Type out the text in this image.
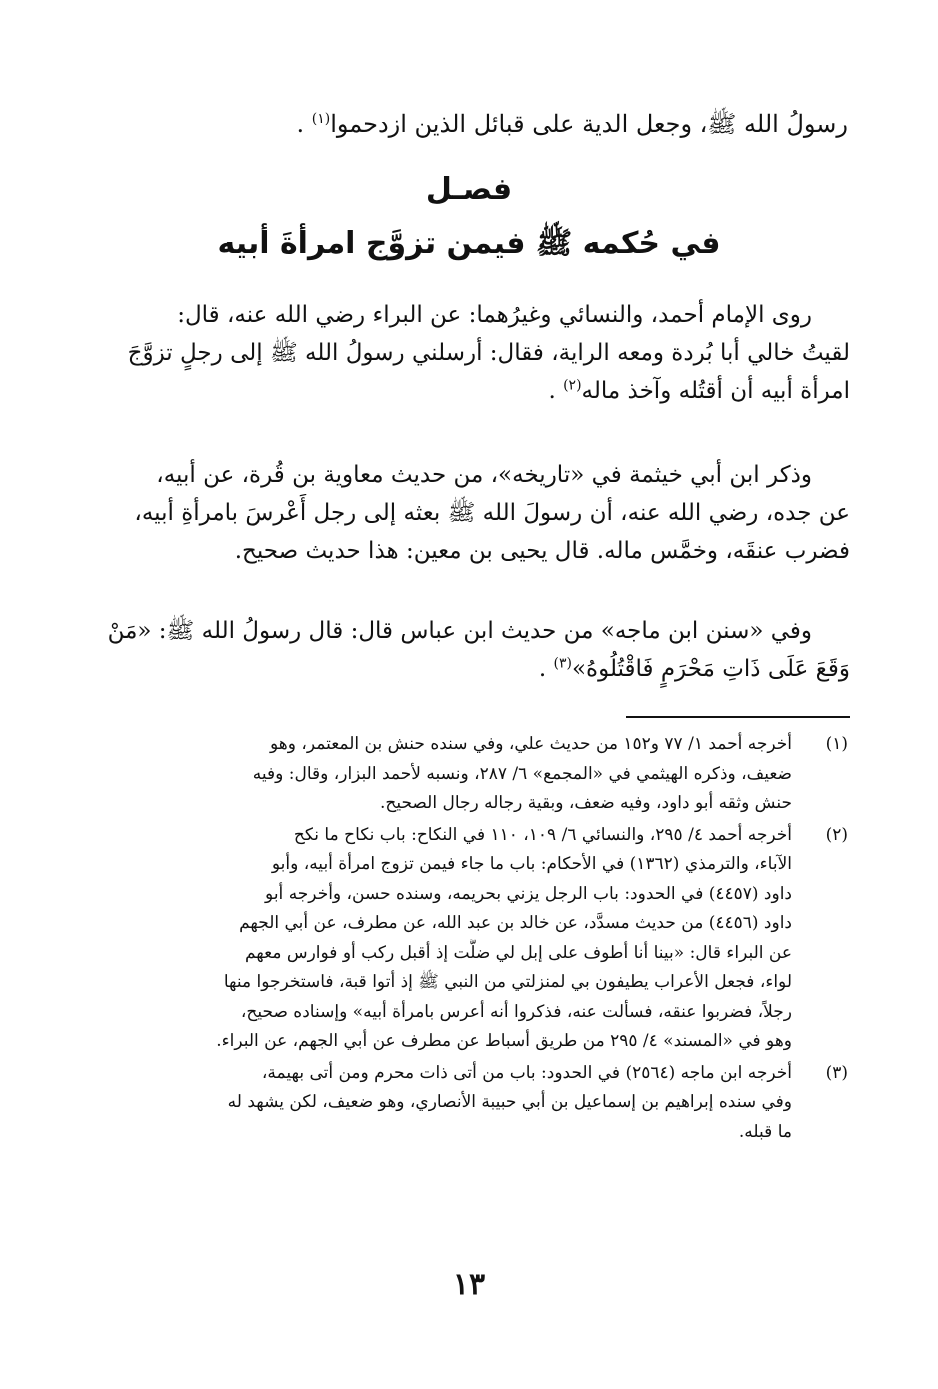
رسولُ الله ﷺ، وجعل الدية على قبائل الذين ازدحموا$^{(١)}$ .
فصـل
في حُكمه ﷺ فيمن تزوَّج امرأةَ أبيه
روى الإمام أحمد، والنسائي وغيرُهما: عن البراء رضي الله عنه، قال:
لقيتُ خالي أبا بُردة ومعه الراية، فقال: أرسلني رسولُ الله ﷺ إلى رجلٍ تزوَّجَ
امرأة أبيه أن أقتُله وآخذ ماله$^{(٢)}$ .
وذكر ابن أبي خيثمة في «تاريخه»، من حديث معاوية بن قُرة، عن أبيه،
عن جده، رضي الله عنه، أن رسولَ الله ﷺ بعثه إلى رجل أَعْرسَ بامرأةِ أبيه،
فضرب عنقَه، وخمَّس ماله. قال يحيى بن معين: هذا حديث صحيح.
وفي «سنن ابن ماجه» من حديث ابن عباس قال: قال رسولُ الله ﷺ: «مَنْ
وَقَعَ عَلَى ذَاتِ مَحْرَمٍ فَاقْتُلُوهُ»$^{(٣)}$ .
(١)
أخرجه أحمد ١/ ٧٧ و١٥٢ من حديث علي، وفي سنده حنش بن المعتمر، وهو
ضعيف، وذكره الهيثمي في «المجمع» ٦/ ٢٨٧، ونسبه لأحمد البزار، وقال: وفيه
حنش وثقه أبو داود، وفيه ضعف، وبقية رجاله رجال الصحيح.
(٢)
أخرجه أحمد ٤/ ٢٩٥، والنسائي ٦/ ١٠٩، ١١٠ في النكاح: باب نكاح ما نكح
الآباء، والترمذي (١٣٦٢) في الأحكام: باب ما جاء فيمن تزوج امرأة أبيه، وأبو
داود (٤٤٥٧) في الحدود: باب الرجل يزني بحريمه، وسنده حسن، وأخرجه أبو
داود (٤٤٥٦) من حديث مسدَّد، عن خالد بن عبد الله، عن مطرف، عن أبي الجهم
عن البراء قال: «بينا أنا أطوف على إبل لي ضلَّت إذ أقبل ركب أو فوارس معهم
لواء، فجعل الأعراب يطيفون بي لمنزلتي من النبي ﷺ إذ أتوا قبة، فاستخرجوا منها
رجلاً، فضربوا عنقه، فسألت عنه، فذكروا أنه أعرس بامرأة أبيه» وإسناده صحيح،
وهو في «المسند» ٤/ ٢٩٥ من طريق أسباط عن مطرف عن أبي الجهم، عن البراء.
(٣)
أخرجه ابن ماجه (٢٥٦٤) في الحدود: باب من أتى ذات محرم ومن أتى بهيمة،
وفي سنده إبراهيم بن إسماعيل بن أبي حبيبة الأنصاري، وهو ضعيف، لكن يشهد له
ما قبله.
١٣
